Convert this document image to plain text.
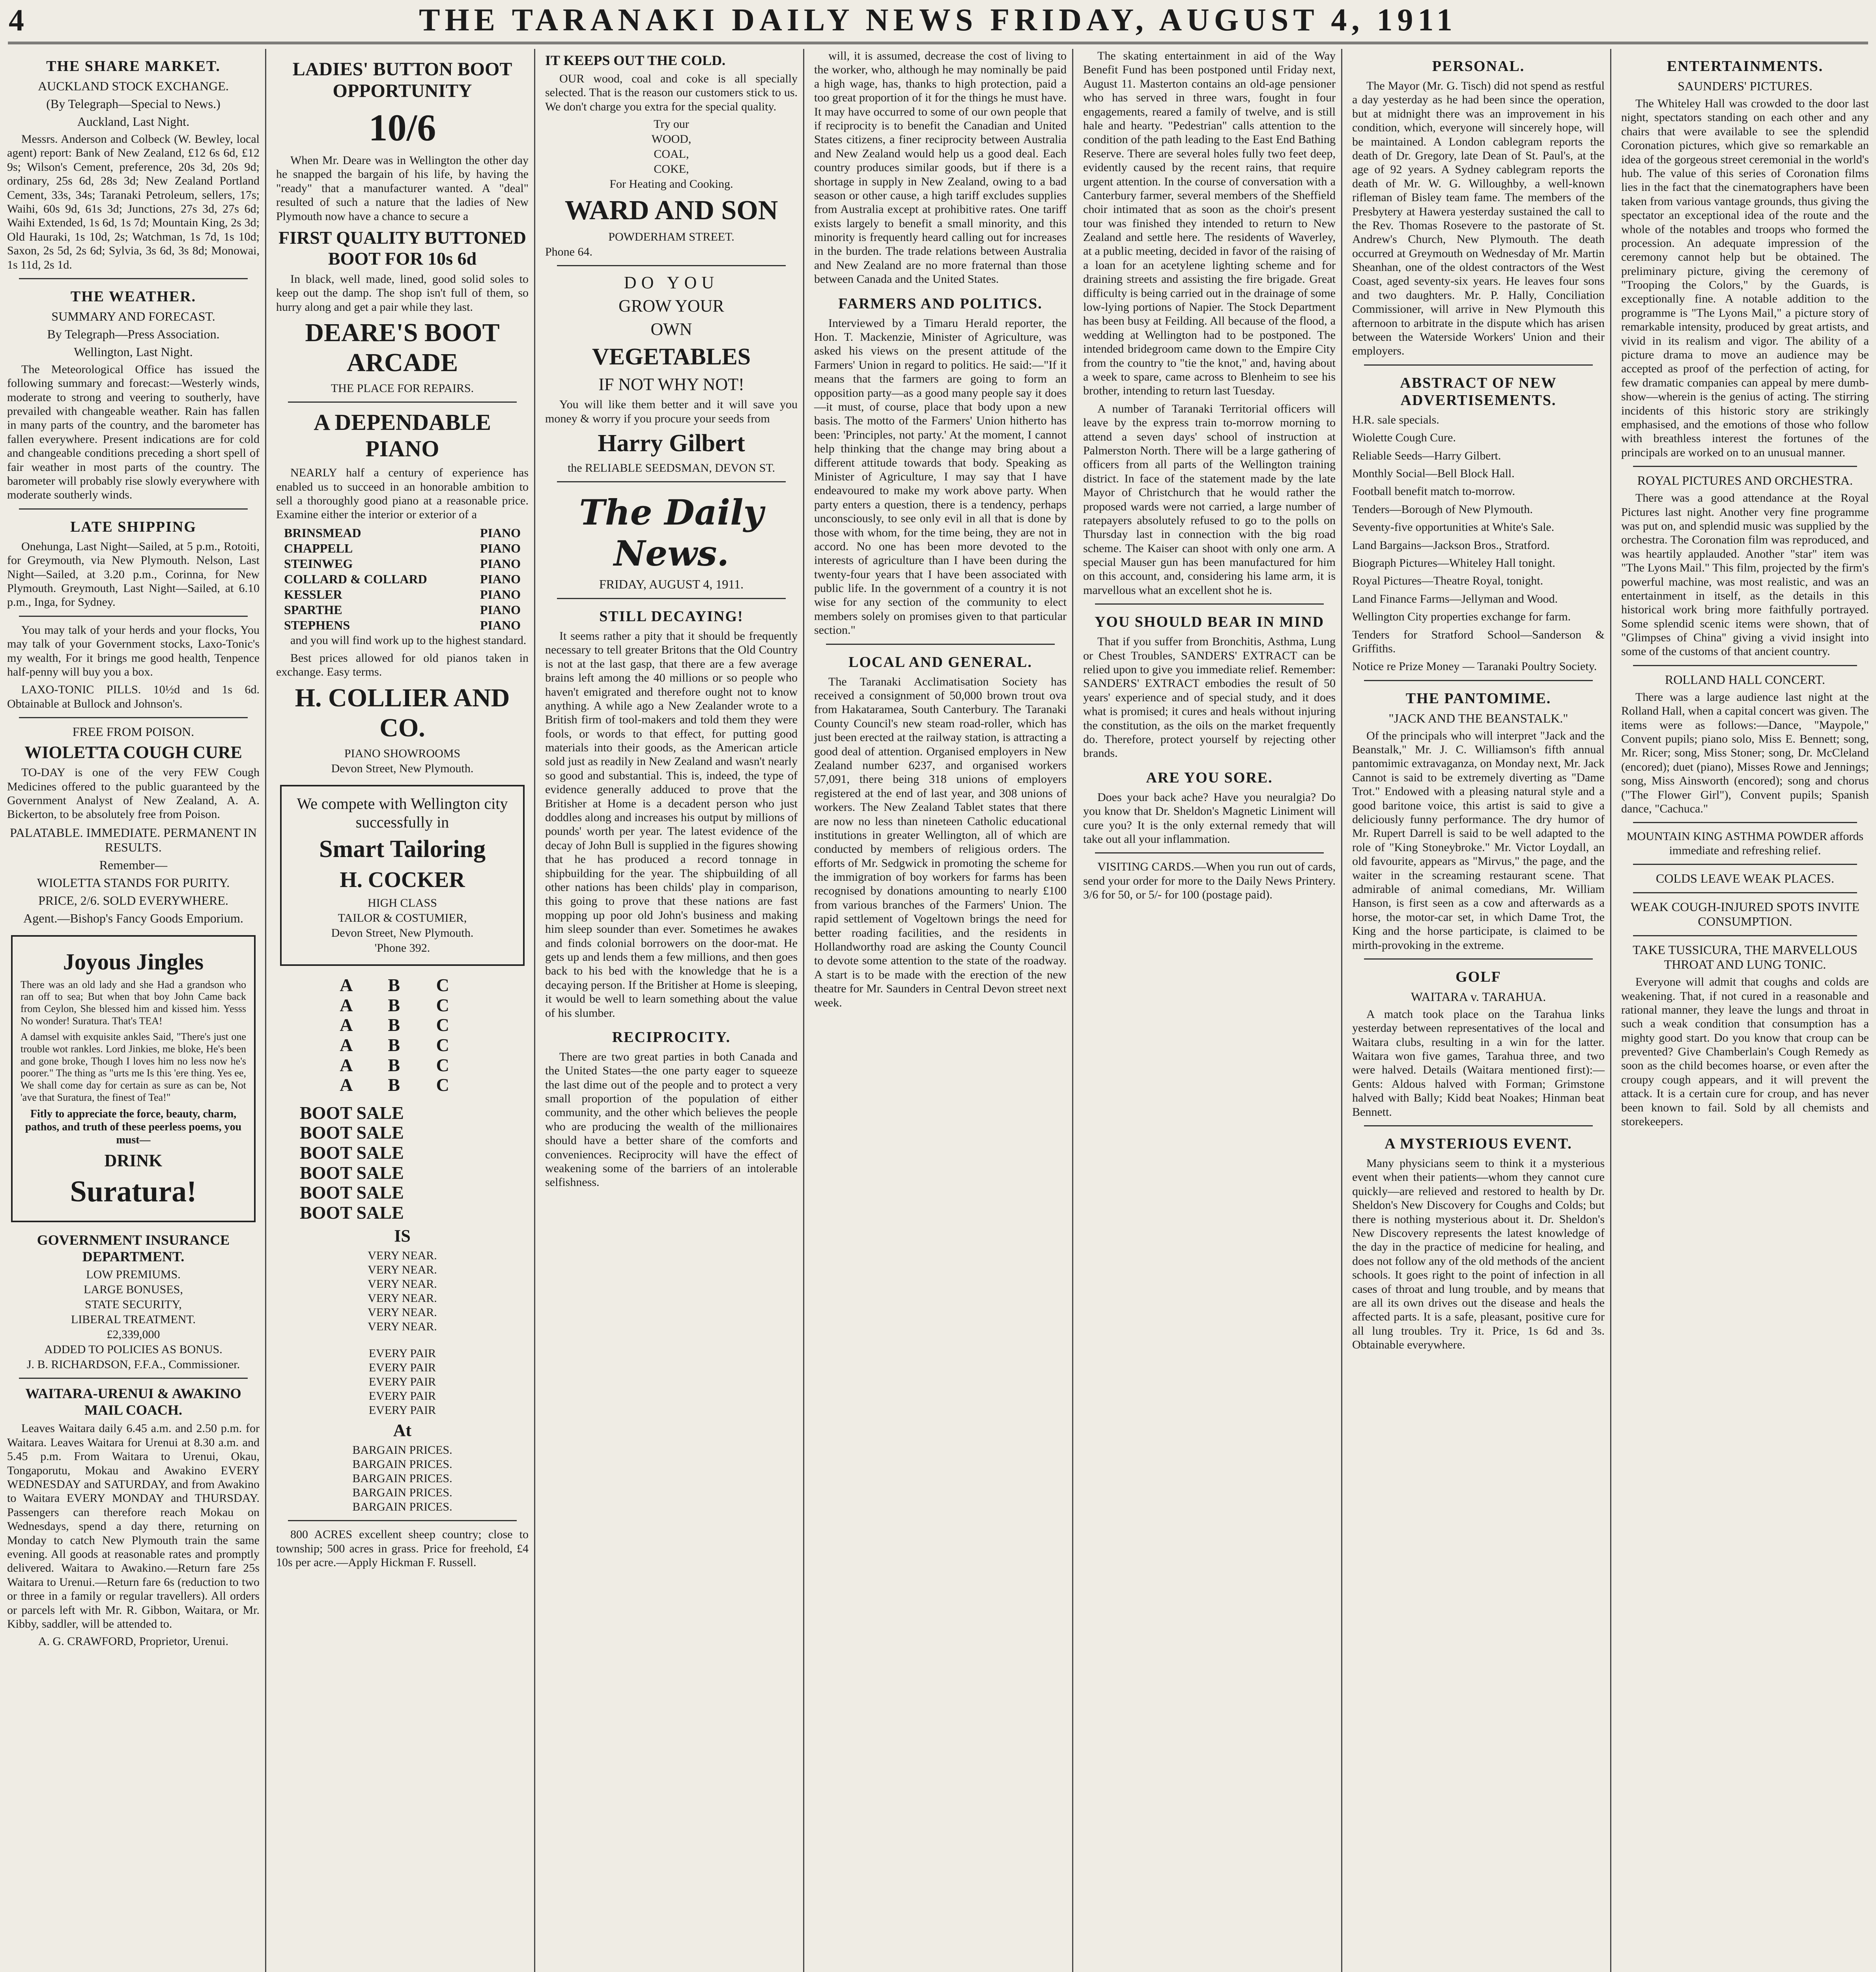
4	THE TARANAKI DAILY NEWS FRIDAY, AUGUST 4, 1911
THE SHARE MARKET.
AUCKLAND STOCK EXCHANGE.
(By Telegraph—Special to News.)
Auckland, Last Night.

Messrs. Anderson and Colbeck (W. Bewley, local agent) report: Bank of New Zealand, £12 6s 6d, £12 9s; Wilson's Cement, preference, 20s 3d, 20s 9d; ordinary, 25s 6d, 28s 3d; New Zealand Portland Cement, 33s, 34s; Taranaki Petroleum, sellers, 17s; Waihi, 60s 9d, 61s 3d; Junctions, 27s 3d, 27s 6d; Waihi Extended, 1s 6d, 1s 7d; Mountain King, 2s 3d; Old Hauraki, 1s 10d, 2s; Watchman, 1s 7d, 1s 10d; Saxon, 2s 5d, 2s 6d; Sylvia, 3s 6d, 3s 8d; Monowai, 1s 11d, 2s 1d.

THE WEATHER.
SUMMARY AND FORECAST.
By Telegraph—Press Association.
Wellington, Last Night.

The Meteorological Office has issued the following summary and forecast:—Westerly winds, moderate to strong and veering to southerly, have prevailed with changeable weather. Rain has fallen in many parts of the country, and the barometer has fallen everywhere. Present indications are for cold and changeable conditions preceding a short spell of fair weather in most parts of the country. The barometer will probably rise slowly everywhere with moderate southerly winds.

LATE SHIPPING

Onehunga, Last Night—Sailed, at 5 p.m., Rotoiti, for Greymouth, via New Plymouth. Nelson, Last Night—Sailed, at 3.20 p.m., Corinna, for New Plymouth. Greymouth, Last Night—Sailed, at 6.10 p.m., Inga, for Sydney.

You may talk of your herds and your flocks, You may talk of your Government stocks, Laxo-Tonic's my wealth, For it brings me good health, Tenpence half-penny will buy you a box.

LAXO-TONIC PILLS. 10½d and 1s 6d. Obtainable at Bullock and Johnson's.

FREE FROM POISON.
WIOLETTA COUGH CURE

TO-DAY is one of the very FEW Cough Medicines offered to the public guaranteed by the Government Analyst of New Zealand, A. A. Bickerton, to be absolutely free from Poison.

PALATABLE. IMMEDIATE. PERMANENT IN RESULTS.
Remember—
WIOLETTA STANDS FOR PURITY.
PRICE, 2/6. SOLD EVERYWHERE.
Agent.—Bishop's Fancy Goods Emporium.
Joyous Jingles

There was an old lady and she Had a grandson who ran off to sea; But when that boy John Came back from Ceylon, She blessed him and kissed him. Yesss No wonder! Suratura. That's TEA!

A damsel with exquisite ankles Said, "There's just one trouble wot rankles. Lord Jinkies, me bloke, He's been and gone broke, Though I loves him no less now he's poorer." The thing as "urts me Is this 'ere thing. Yes ee, We shall come day for certain as sure as can be, Not 'ave that Suratura, the finest of Tea!"

Fitly to appreciate the force, beauty, charm, pathos, and truth of these peerless poems, you must—

DRINK
Suratura!
GOVERNMENT INSURANCE DEPARTMENT.
LOW PREMIUMS.
LARGE BONUSES,
STATE SECURITY,
LIBERAL TREATMENT.
£2,339,000
ADDED TO POLICIES AS BONUS.
J. B. RICHARDSON, F.F.A., Commissioner.
WAITARA-URENUI & AWAKINO MAIL COACH.

Leaves Waitara daily 6.45 a.m. and 2.50 p.m. for Waitara. Leaves Waitara for Urenui at 8.30 a.m. and 5.45 p.m. From Waitara to Urenui, Okau, Tongaporutu, Mokau and Awakino EVERY WEDNESDAY and SATURDAY, and from Awakino to Waitara EVERY MONDAY and THURSDAY. Passengers can therefore reach Mokau on Wednesdays, spend a day there, returning on Monday to catch New Plymouth train the same evening. All goods at reasonable rates and promptly delivered. Waitara to Awakino.—Return fare 25s Waitara to Urenui.—Return fare 6s (reduction to two or three in a family or regular travellers). All orders or parcels left with Mr. R. Gibbon, Waitara, or Mr. Kibby, saddler, will be attended to.

A. G. CRAWFORD, Proprietor, Urenui.
LADIES' BUTTON BOOT OPPORTUNITY
10/6

When Mr. Deare was in Wellington the other day he snapped the bargain of his life, by having the "ready" that a manufacturer wanted. A "deal" resulted of such a nature that the ladies of New Plymouth now have a chance to secure a

FIRST QUALITY BUTTONED BOOT FOR 10s 6d

In black, well made, lined, good solid soles to keep out the damp. The shop isn't full of them, so hurry along and get a pair while they last.

DEARE'S BOOT ARCADE
THE PLACE FOR REPAIRS.
A DEPENDABLE PIANO

NEARLY half a century of experience has enabled us to succeed in an honorable ambition to sell a thoroughly good piano at a reasonable price. Examine either the interior or exterior of a

BRINSMEAD	PIANO
CHAPPELL	PIANO
STEINWEG	PIANO
COLLARD & COLLARD	PIANO
KESSLER	PIANO
SPARTHE	PIANO
STEPHENS	PIANO

and you will find work up to the highest standard.

Best prices allowed for old pianos taken in exchange. Easy terms.

H. COLLIER AND CO.
PIANO SHOWROOMS
Devon Street, New Plymouth.

We compete with Wellington city successfully in

Smart Tailoring
H. COCKER
HIGH CLASS
TAILOR & COSTUMIER,
Devon Street, New Plymouth.
'Phone 392.
A B C
A B C
A B C
A B C
A B C
A B C
BOOT SALE
BOOT SALE
BOOT SALE
BOOT SALE
BOOT SALE
BOOT SALE
IS
VERY NEAR.
VERY NEAR.
VERY NEAR.
VERY NEAR.
VERY NEAR.
VERY NEAR.
EVERY PAIR
EVERY PAIR
EVERY PAIR
EVERY PAIR
EVERY PAIR
At
BARGAIN PRICES.
BARGAIN PRICES.
BARGAIN PRICES.
BARGAIN PRICES.
BARGAIN PRICES.

800 ACRES excellent sheep country; close to township; 500 acres in grass. Price for freehold, £4 10s per acre.—Apply Hickman F. Russell.

IT KEEPS OUT THE COLD.

OUR wood, coal and coke is all specially selected. That is the reason our customers stick to us. We don't charge you extra for the special quality.

Try our
WOOD,
COAL,
COKE,
For Heating and Cooking.
WARD AND SON
POWDERHAM STREET.
Phone 64.
DO YOU
GROW YOUR
OWN
VEGETABLES
IF NOT WHY NOT!

You will like them better and it will save you money & worry if you procure your seeds from

Harry Gilbert
the RELIABLE SEEDSMAN, DEVON ST.
The Daily News.
FRIDAY, AUGUST 4, 1911.
STILL DECAYING!

It seems rather a pity that it should be frequently necessary to tell greater Britons that the Old Country is not at the last gasp, that there are a few average brains left among the 40 millions or so people who haven't emigrated and therefore ought not to know anything. A while ago a New Zealander wrote to a British firm of tool-makers and told them they were fools, or words to that effect, for putting good materials into their goods, as the American article sold just as readily in New Zealand and wasn't nearly so good and substantial. This is, indeed, the type of evidence generally adduced to prove that the Britisher at Home is a decadent person who just doddles along and increases his output by millions of pounds' worth per year. The latest evidence of the decay of John Bull is supplied in the figures showing that he has produced a record tonnage in shipbuilding for the year. The shipbuilding of all other nations has been childs' play in comparison, this going to prove that these nations are fast mopping up poor old John's business and making him sleep sounder than ever. Sometimes he awakes and finds colonial borrowers on the door-mat. He gets up and lends them a few millions, and then goes back to his bed with the knowledge that he is a decaying person. If the Britisher at Home is sleeping, it would be well to learn something about the value of his slumber.

RECIPROCITY.

There are two great parties in both Canada and the United States—the one party eager to squeeze the last dime out of the people and to protect a very small proportion of the population of either community, and the other which believes the people who are producing the wealth of the millionaires should have a better share of the comforts and conveniences. Reciprocity will have the effect of weakening some of the barriers of an intolerable selfishness.

will, it is assumed, decrease the cost of living to the worker, who, although he may nominally be paid a high wage, has, thanks to high protection, paid a too great proportion of it for the things he must have. It may have occurred to some of our own people that if reciprocity is to benefit the Canadian and United States citizens, a finer reciprocity between Australia and New Zealand would help us a good deal. Each country produces similar goods, but if there is a shortage in supply in New Zealand, owing to a bad season or other cause, a high tariff excludes supplies from Australia except at prohibitive rates. One tariff exists largely to benefit a small minority, and this minority is frequently heard calling out for increases in the burden. The trade relations between Australia and New Zealand are no more fraternal than those between Canada and the United States.

FARMERS AND POLITICS.

Interviewed by a Timaru Herald reporter, the Hon. T. Mackenzie, Minister of Agriculture, was asked his views on the present attitude of the Farmers' Union in regard to politics. He said:—"If it means that the farmers are going to form an opposition party—as a good many people say it does—it must, of course, place that body upon a new basis. The motto of the Farmers' Union hitherto has been: 'Principles, not party.' At the moment, I cannot help thinking that the change may bring about a different attitude towards that body. Speaking as Minister of Agriculture, I may say that I have endeavoured to make my work above party. When party enters a question, there is a tendency, perhaps unconsciously, to see only evil in all that is done by those with whom, for the time being, they are not in accord. No one has been more devoted to the interests of agriculture than I have been during the twenty-four years that I have been associated with public life. In the government of a country it is not wise for any section of the community to elect members solely on promises given to that particular section."

LOCAL AND GENERAL.

The Taranaki Acclimatisation Society has received a consignment of 50,000 brown trout ova from Hakataramea, South Canterbury. The Taranaki County Council's new steam road-roller, which has just been erected at the railway station, is attracting a good deal of attention. Organised employers in New Zealand number 6237, and organised workers 57,091, there being 318 unions of employers registered at the end of last year, and 308 unions of workers. The New Zealand Tablet states that there are now no less than nineteen Catholic educational institutions in greater Wellington, all of which are conducted by members of religious orders. The efforts of Mr. Sedgwick in promoting the scheme for the immigration of boy workers for farms has been recognised by donations amounting to nearly £100 from various branches of the Farmers' Union. The rapid settlement of Vogeltown brings the need for better roading facilities, and the residents in Hollandworthy road are asking the County Council to devote some attention to the state of the roadway. A start is to be made with the erection of the new theatre for Mr. Saunders in Central Devon street next week.

The skating entertainment in aid of the Way Benefit Fund has been postponed until Friday next, August 11. Masterton contains an old-age pensioner who has served in three wars, fought in four engagements, reared a family of twelve, and is still hale and hearty. "Pedestrian" calls attention to the condition of the path leading to the East End Bathing Reserve. There are several holes fully two feet deep, evidently caused by the recent rains, that require urgent attention. In the course of conversation with a Canterbury farmer, several members of the Sheffield choir intimated that as soon as the choir's present tour was finished they intended to return to New Zealand and settle here. The residents of Waverley, at a public meeting, decided in favor of the raising of a loan for an acetylene lighting scheme and for draining streets and assisting the fire brigade. Great difficulty is being carried out in the drainage of some low-lying portions of Napier. The Stock Department has been busy at Feilding. All because of the flood, a wedding at Wellington had to be postponed. The intended bridegroom came down to the Empire City from the country to "tie the knot," and, having about a week to spare, came across to Blenheim to see his brother, intending to return last Tuesday.

A number of Taranaki Territorial officers will leave by the express train to-morrow morning to attend a seven days' school of instruction at Palmerston North. There will be a large gathering of officers from all parts of the Wellington training district. In face of the statement made by the late Mayor of Christchurch that he would rather the proposed wards were not carried, a large number of ratepayers absolutely refused to go to the polls on Thursday last in connection with the big road scheme. The Kaiser can shoot with only one arm. A special Mauser gun has been manufactured for him on this account, and, considering his lame arm, it is marvellous what an excellent shot he is.

YOU SHOULD BEAR IN MIND

That if you suffer from Bronchitis, Asthma, Lung or Chest Troubles, SANDERS' EXTRACT can be relied upon to give you immediate relief. Remember: SANDERS' EXTRACT embodies the result of 50 years' experience and of special study, and it does what is promised; it cures and heals without injuring the constitution, as the oils on the market frequently do. Therefore, protect yourself by rejecting other brands.

ARE YOU SORE.

Does your back ache? Have you neuralgia? Do you know that Dr. Sheldon's Magnetic Liniment will cure you? It is the only external remedy that will take out all your inflammation.

VISITING CARDS.—When you run out of cards, send your order for more to the Daily News Printery. 3/6 for 50, or 5/- for 100 (postage paid).

PERSONAL.

The Mayor (Mr. G. Tisch) did not spend as restful a day yesterday as he had been since the operation, but at midnight there was an improvement in his condition, which, everyone will sincerely hope, will be maintained. A London cablegram reports the death of Dr. Gregory, late Dean of St. Paul's, at the age of 92 years. A Sydney cablegram reports the death of Mr. W. G. Willoughby, a well-known rifleman of Bisley team fame. The members of the Presbytery at Hawera yesterday sustained the call to the Rev. Thomas Rosevere to the pastorate of St. Andrew's Church, New Plymouth. The death occurred at Greymouth on Wednesday of Mr. Martin Sheanhan, one of the oldest contractors of the West Coast, aged seventy-six years. He leaves four sons and two daughters. Mr. P. Hally, Conciliation Commissioner, will arrive in New Plymouth this afternoon to arbitrate in the dispute which has arisen between the Waterside Workers' Union and their employers.

ABSTRACT OF NEW ADVERTISEMENTS.

H.R. sale specials.

Wiolette Cough Cure.

Reliable Seeds—Harry Gilbert.

Monthly Social—Bell Block Hall.

Football benefit match to-morrow.

Tenders—Borough of New Plymouth.

Seventy-five opportunities at White's Sale.

Land Bargains—Jackson Bros., Stratford.

Biograph Pictures—Whiteley Hall tonight.

Royal Pictures—Theatre Royal, tonight.

Land Finance Farms—Jellyman and Wood.

Wellington City properties exchange for farm.

Tenders for Stratford School—Sanderson & Griffiths.

Notice re Prize Money — Taranaki Poultry Society.

THE PANTOMIME.
"JACK AND THE BEANSTALK."

Of the principals who will interpret "Jack and the Beanstalk," Mr. J. C. Williamson's fifth annual pantomimic extravaganza, on Monday next, Mr. Jack Cannot is said to be extremely diverting as "Dame Trot." Endowed with a pleasing natural style and a good baritone voice, this artist is said to give a deliciously funny performance. The dry humor of Mr. Rupert Darrell is said to be well adapted to the role of "King Stoneybroke." Mr. Victor Loydall, an old favourite, appears as "Mirvus," the page, and the waiter in the screaming restaurant scene. That admirable of animal comedians, Mr. William Hanson, is first seen as a cow and afterwards as a horse, the motor-car set, in which Dame Trot, the King and the horse participate, is claimed to be mirth-provoking in the extreme.

GOLF
WAITARA v. TARAHUA.

A match took place on the Tarahua links yesterday between representatives of the local and Waitara clubs, resulting in a win for the latter. Waitara won five games, Tarahua three, and two were halved. Details (Waitara mentioned first):—Gents: Aldous halved with Forman; Grimstone halved with Bally; Kidd beat Noakes; Hinman beat Bennett.

A MYSTERIOUS EVENT.

Many physicians seem to think it a mysterious event when their patients—whom they cannot cure quickly—are relieved and restored to health by Dr. Sheldon's New Discovery for Coughs and Colds; but there is nothing mysterious about it. Dr. Sheldon's New Discovery represents the latest knowledge of the day in the practice of medicine for healing, and does not follow any of the old methods of the ancient schools. It goes right to the point of infection in all cases of throat and lung trouble, and by means that are all its own drives out the disease and heals the affected parts. It is a safe, pleasant, positive cure for all lung troubles. Try it. Price, 1s 6d and 3s. Obtainable everywhere.

ENTERTAINMENTS.
SAUNDERS' PICTURES.

The Whiteley Hall was crowded to the door last night, spectators standing on each other and any chairs that were available to see the splendid Coronation pictures, which give so remarkable an idea of the gorgeous street ceremonial in the world's hub. The value of this series of Coronation films lies in the fact that the cinematographers have been taken from various vantage grounds, thus giving the spectator an exceptional idea of the route and the whole of the notables and troops who formed the procession. An adequate impression of the ceremony cannot help but be obtained. The preliminary picture, giving the ceremony of "Trooping the Colors," by the Guards, is exceptionally fine. A notable addition to the programme is "The Lyons Mail," a picture story of remarkable intensity, produced by great artists, and vivid in its realism and vigor. The ability of a picture drama to move an audience may be accepted as proof of the perfection of acting, for few dramatic companies can appeal by mere dumb-show—wherein is the genius of acting. The stirring incidents of this historic story are strikingly emphasised, and the emotions of those who follow with breathless interest the fortunes of the principals are worked on to an unusual manner.

ROYAL PICTURES AND ORCHESTRA.

There was a good attendance at the Royal Pictures last night. Another very fine programme was put on, and splendid music was supplied by the orchestra. The Coronation film was reproduced, and was heartily applauded. Another "star" item was "The Lyons Mail." This film, projected by the firm's powerful machine, was most realistic, and was an entertainment in itself, as the details in this historical work bring more faithfully portrayed. Some splendid scenic items were shown, that of "Glimpses of China" giving a vivid insight into some of the customs of that ancient country.

ROLLAND HALL CONCERT.

There was a large audience last night at the Rolland Hall, when a capital concert was given. The items were as follows:—Dance, "Maypole," Convent pupils; piano solo, Miss E. Bennett; song, Mr. Ricer; song, Miss Stoner; song, Dr. McCleland (encored); duet (piano), Misses Rowe and Jennings; song, Miss Ainsworth (encored); song and chorus ("The Flower Girl"), Convent pupils; Spanish dance, "Cachuca."

MOUNTAIN KING ASTHMA POWDER affords immediate and refreshing relief.

COLDS LEAVE WEAK PLACES.
WEAK COUGH-INJURED SPOTS INVITE CONSUMPTION.
TAKE TUSSICURA, THE MARVELLOUS THROAT AND LUNG TONIC.

Everyone will admit that coughs and colds are weakening. That, if not cured in a reasonable and rational manner, they leave the lungs and throat in such a weak condition that consumption has a mighty good start. Do you know that croup can be prevented? Give Chamberlain's Cough Remedy as soon as the child becomes hoarse, or even after the croupy cough appears, and it will prevent the attack. It is a certain cure for croup, and has never been known to fail. Sold by all chemists and storekeepers.
